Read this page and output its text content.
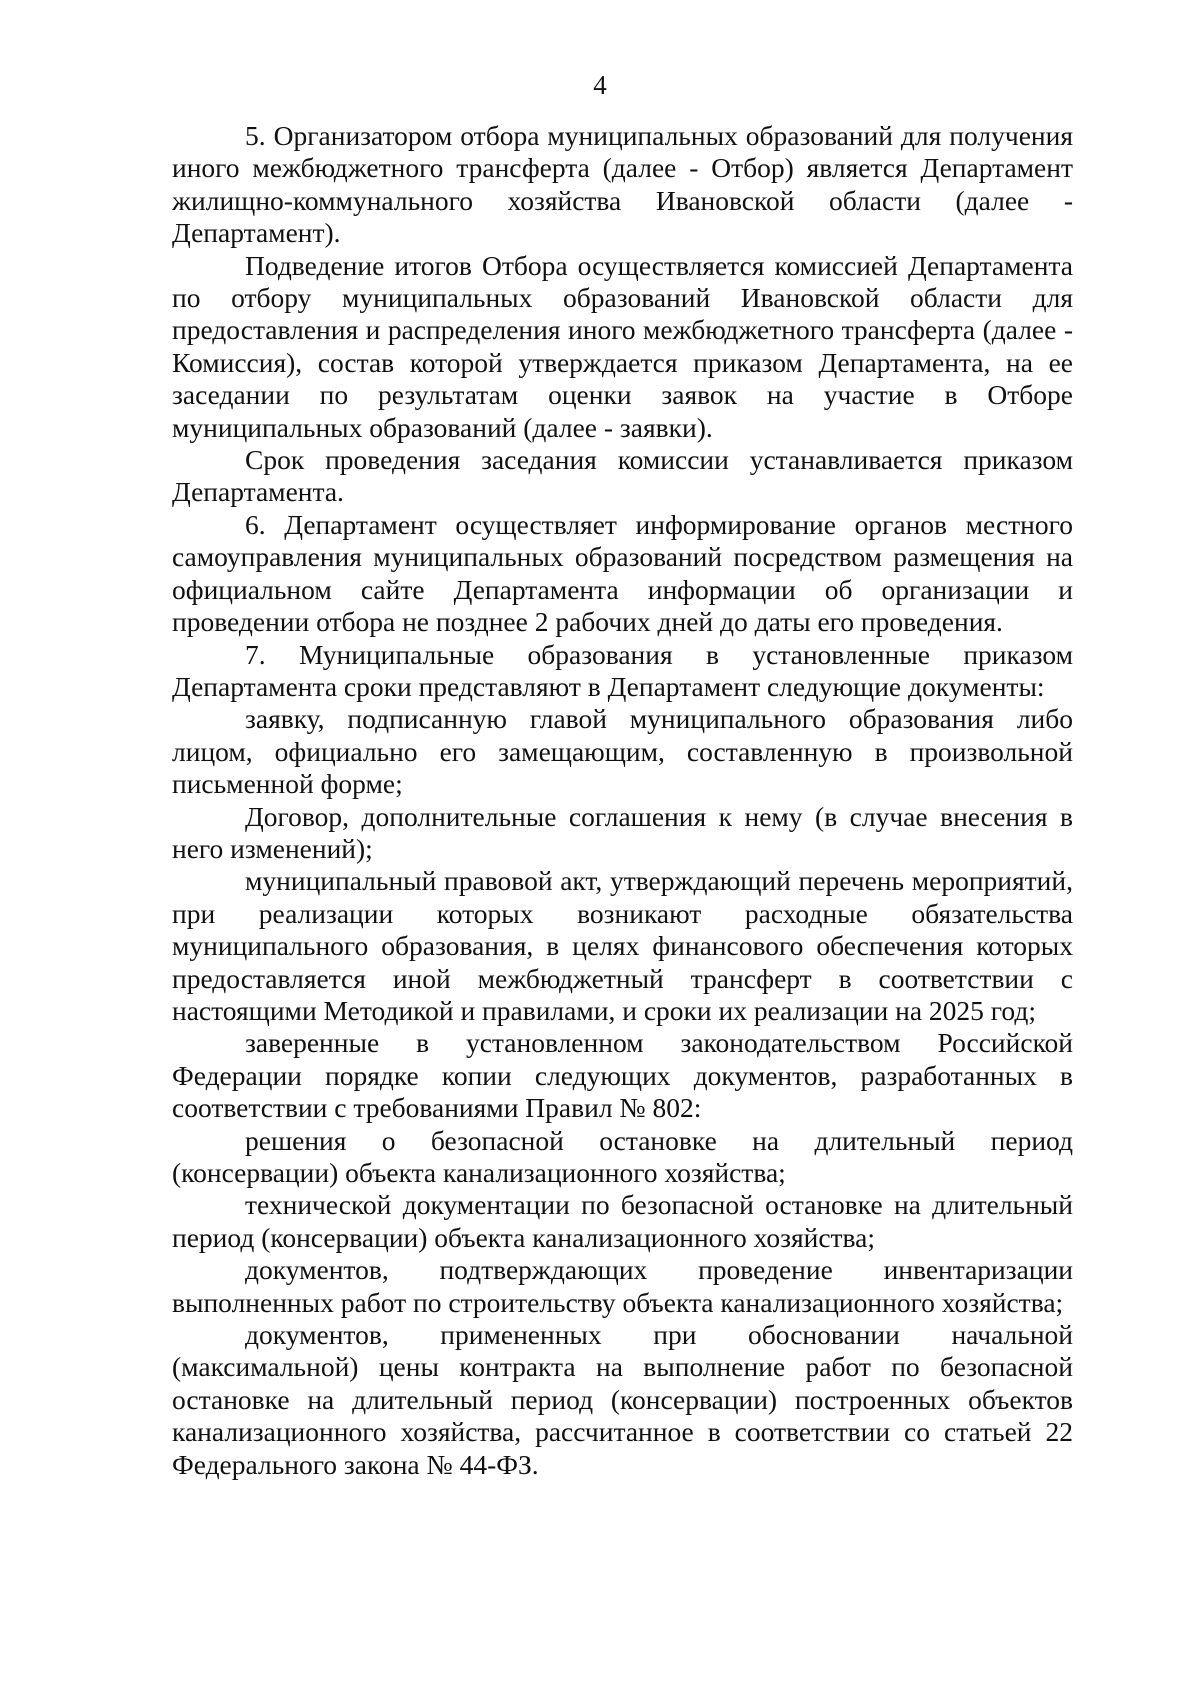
4

5. Организатором отбора муниципальных образований для получения иного межбюджетного трансферта (далее - Отбор) является Департамент жилищно-коммунального хозяйства Ивановской области (далее - Департамент).

Подведение итогов Отбора осуществляется комиссией Департамента по отбору муниципальных образований Ивановской области для предоставления и распределения иного межбюджетного трансферта (далее - Комиссия), состав которой утверждается приказом Департамента, на ее заседании по результатам оценки заявок на участие в Отборе муниципальных образований (далее - заявки).

Срок проведения заседания комиссии устанавливается приказом Департамента.

6. Департамент осуществляет информирование органов местного самоуправления муниципальных образований посредством размещения на официальном сайте Департамента информации об организации и проведении отбора не позднее 2 рабочих дней до даты его проведения.

7. Муниципальные образования в установленные приказом Департамента сроки представляют в Департамент следующие документы:

заявку, подписанную главой муниципального образования либо лицом, официально его замещающим, составленную в произвольной письменной форме;

Договор, дополнительные соглашения к нему (в случае внесения в него изменений);

муниципальный правовой акт, утверждающий перечень мероприятий, при реализации которых возникают расходные обязательства муниципального образования, в целях финансового обеспечения которых предоставляется иной межбюджетный трансферт в соответствии с настоящими Методикой и правилами, и сроки их реализации на 2025 год;

заверенные в установленном законодательством Российской Федерации порядке копии следующих документов, разработанных в соответствии с требованиями Правил № 802:

решения о безопасной остановке на длительный период (консервации) объекта канализационного хозяйства;

технической документации по безопасной остановке на длительный период (консервации) объекта канализационного хозяйства;

документов, подтверждающих проведение инвентаризации выполненных работ по строительству объекта канализационного хозяйства;

документов, примененных при обосновании начальной (максимальной) цены контракта на выполнение работ по безопасной остановке на длительный период (консервации) построенных объектов канализационного хозяйства, рассчитанное в соответствии со статьей 22 Федерального закона № 44-ФЗ.
